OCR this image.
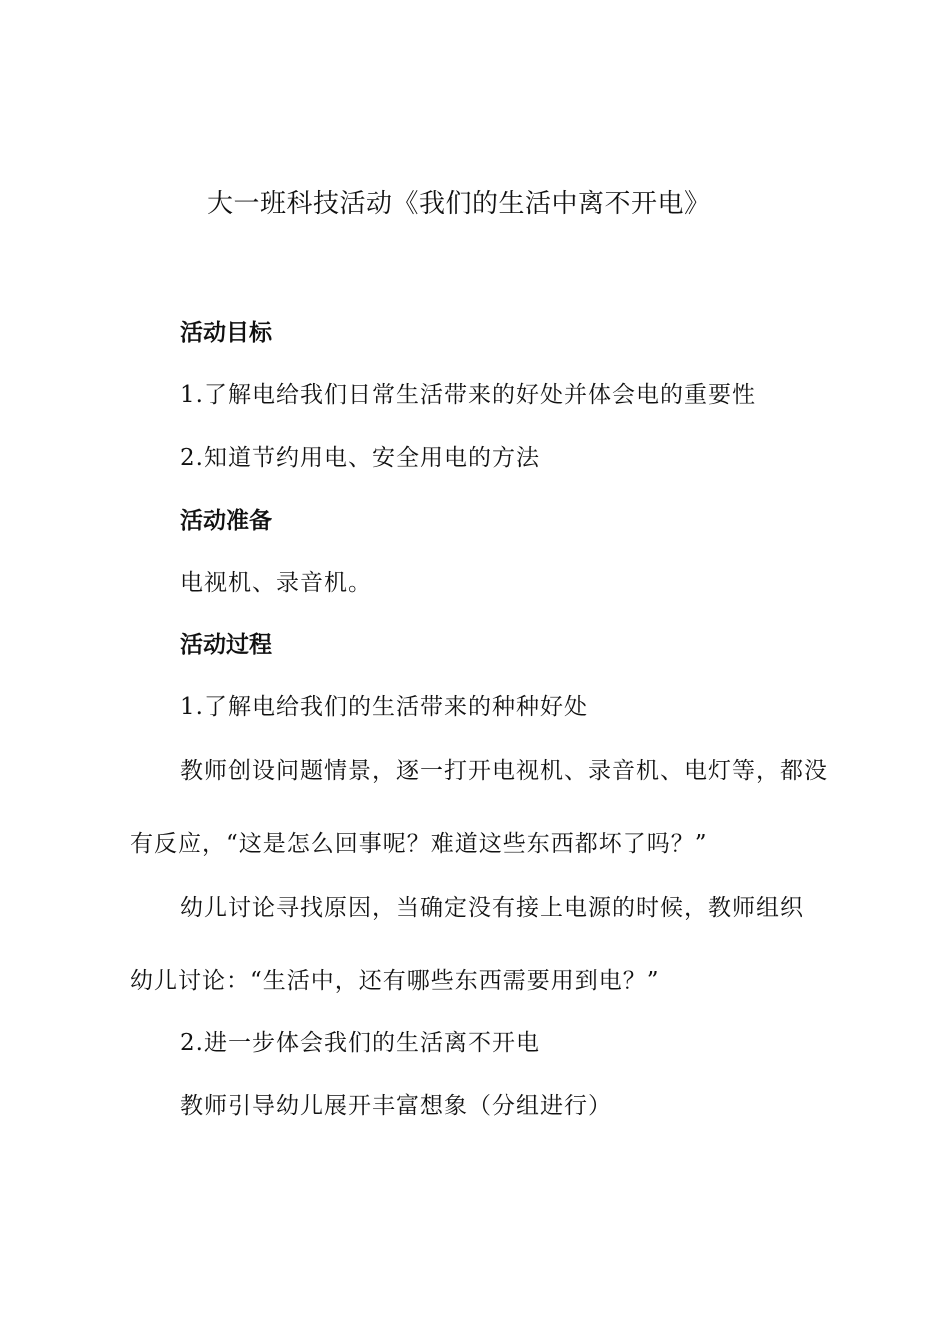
大一班科技活动《我们的生活中离不开电》
活动目标
1.了解电给我们日常生活带来的好处并体会电的重要性
2.知道节约用电、安全用电的方法
活动准备
电视机、录音机。
活动过程
1.了解电给我们的生活带来的种种好处
教师创设问题情景，逐一打开电视机、录音机、电灯等，都没
有反应，“这是怎么回事呢？难道这些东西都坏了吗？”
幼儿讨论寻找原因，当确定没有接上电源的时候，教师组织
幼儿讨论：“生活中，还有哪些东西需要用到电？”
2.进一步体会我们的生活离不开电
教师引导幼儿展开丰富想象（分组进行）
